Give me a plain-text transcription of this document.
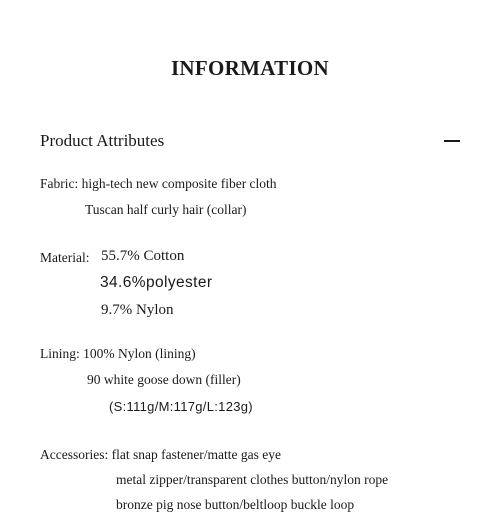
INFORMATION
Product Attributes

Fabric: high-tech new composite fiber cloth

Tuscan half curly hair (collar)

Material: 55.7% Cotton

34.6%polyester

9.7% Nylon

Lining: 100% Nylon (lining)

90 white goose down (filler)

(S:111g/M:117g/L:123g)

Accessories: flat snap fastener/matte gas eye

metal zipper/transparent clothes button/nylon rope

bronze pig nose button/beltloop buckle loop
